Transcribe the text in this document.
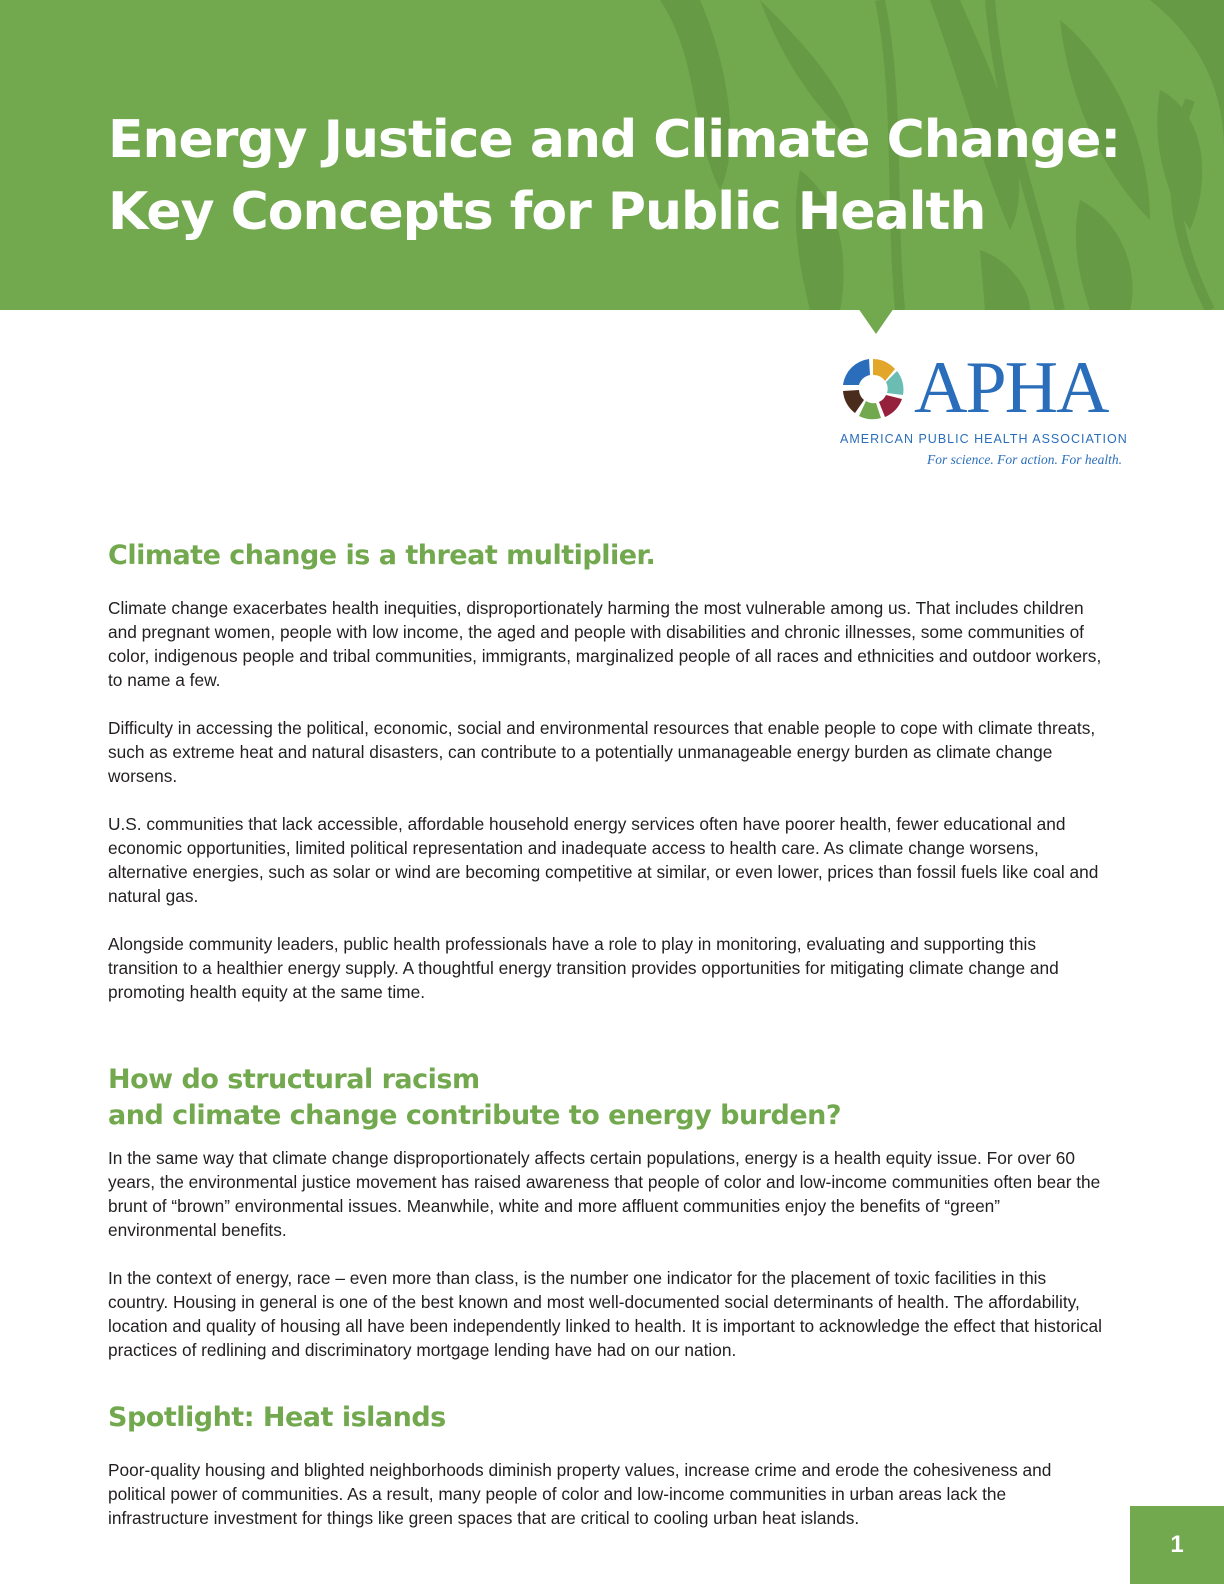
Energy Justice and Climate Change:
Key Concepts for Public Health
APHA
AMERICAN PUBLIC HEALTH ASSOCIATION
For science. For action. For health.
Climate change is a threat multiplier.

Climate change exacerbates health inequities, disproportionately harming the most vulnerable among us. That includes children and pregnant women, people with low income, the aged and people with disabilities and chronic illnesses, some communities of color, indigenous people and tribal communities, immigrants, marginalized people of all races and ethnicities and outdoor workers, to name a few.

Difficulty in accessing the political, economic, social and environmental resources that enable people to cope with climate threats, such as extreme heat and natural disasters, can contribute to a potentially unmanageable energy burden as climate change worsens.

U.S. communities that lack accessible, affordable household energy services often have poorer health, fewer educational and economic opportunities, limited political representation and inadequate access to health care. As climate change worsens, alternative energies, such as solar or wind are becoming competitive at similar, or even lower, prices than fossil fuels like coal and natural gas.

Alongside community leaders, public health professionals have a role to play in monitoring, evaluating and supporting this transition to a healthier energy supply. A thoughtful energy transition provides opportunities for mitigating climate change and promoting health equity at the same time.

How do structural racism
and climate change contribute to energy burden?

In the same way that climate change disproportionately affects certain populations, energy is a health equity issue. For over 60 years, the environmental justice movement has raised awareness that people of color and low-income communities often bear the brunt of “brown” environmental issues. Meanwhile, white and more affluent communities enjoy the benefits of “green” environmental benefits.

In the context of energy, race – even more than class, is the number one indicator for the placement of toxic facilities in this country. Housing in general is one of the best known and most well-documented social determinants of health. The affordability, location and quality of housing all have been independently linked to health. It is important to acknowledge the effect that historical practices of redlining and discriminatory mortgage lending have had on our nation.

Spotlight: Heat islands

Poor-quality housing and blighted neighborhoods diminish property values, increase crime and erode the cohesiveness and political power of communities. As a result, many people of color and low-income communities in urban areas lack the infrastructure investment for things like green spaces that are critical to cooling urban heat islands.

1
